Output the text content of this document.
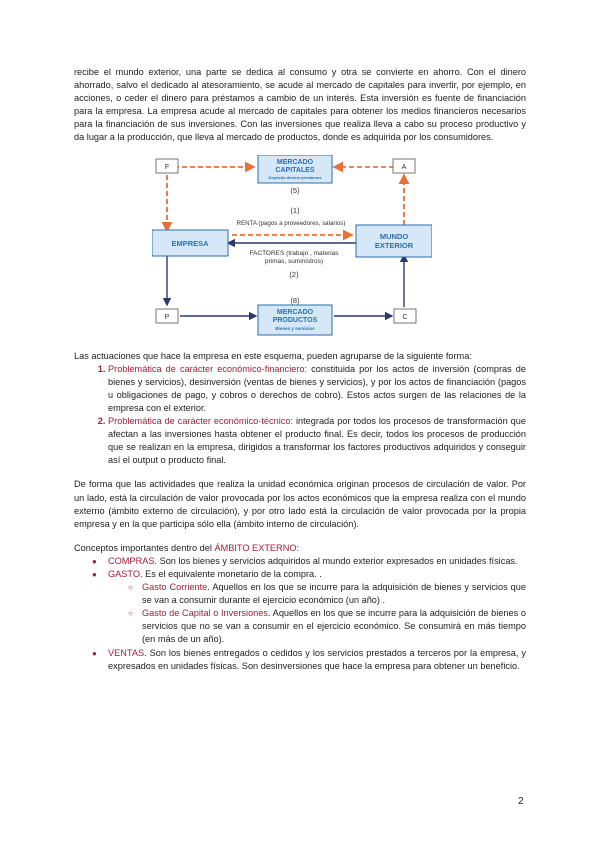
recibe el mundo exterior, una parte se dedica al consumo y otra se convierte en ahorro. Con el dinero ahorrado, salvo el dedicado al atesoramiento, se acude al mercado de capitales para invertir, por ejemplo, en acciones, o ceder el dinero para préstamos a cambio de un interés. Esta inversión es fuente de financiación para la empresa. La empresa acude al mercado de capitales para obtener los medios financieros necesarios para la financiación de sus inversiones. Con las inversiones que realiza lleva a cabo su proceso productivo y da lugar a la producción, que lleva al mercado de productos, donde es adquirida por los consumidores.

MERCADO
CAPITALES
Depósito dinero/ préstamos
F	A
(5)
(1)
RENTA (pagos a proveedores, salarios)
EMPRESA
MUNDO
EXTERIOR
FACTORES (trabajo , materias
primas, suministros)
(2)
(8)
P	C
MERCADO
PRODUCTOS
Bienes y servicios

Las actuaciones que hace la empresa en este esquema, pueden agruparse de la siguiente forma:

1. Problemática de carácter económico-financiero: constituida por los actos de inversión (compras de bienes y servicios), desinversión (ventas de bienes y servicios), y por los actos de financiación (pagos u obligaciones de pago, y cobros o derechos de cobro). Estos actos surgen de las relaciones de la empresa con el exterior.
2. Problemática de carácter económico-técnico: integrada por todos los procesos de transformación que afectan a las inversiones hasta obtener el producto final. Es decir, todos los procesos de producción que se realizan en la empresa, dirigidos a transformar los factores productivos adquiridos y conseguir así el output o producto final.

De forma que las actividades que realiza la unidad económica originan procesos de circulación de valor. Por un lado, está la circulación de valor provocada por los actos económicos que la empresa realiza con el mundo externo (ámbito externo de circulación), y por otro lado está la circulación de valor provocada por la propia empresa y en la que participa sólo ella (ámbito interno de circulación).

Conceptos importantes dentro del ÁMBITO EXTERNO:

● COMPRAS. Son los bienes y servicios adquiridos al mundo exterior expresados en unidades físicas.
● GASTO. Es el equivalente monetario de la compra. .
○ Gasto Corriente. Aquellos en los que se incurre para la adquisición de bienes y servicios que se van a consumir durante el ejercicio económico (un año) .
○ Gasto de Capital o Inversiones. Aquellos en los que se incurre para la adquisición de bienes o servicios que no se van a consumir en el ejercicio económico. Se consumirá en más tiempo (en más de un año).
● VENTAS. Son los bienes entregados o cedidos y los servicios prestados a terceros por la empresa, y expresados en unidades físicas. Son desinversiones que hace la empresa para obtener un beneficio.
2
